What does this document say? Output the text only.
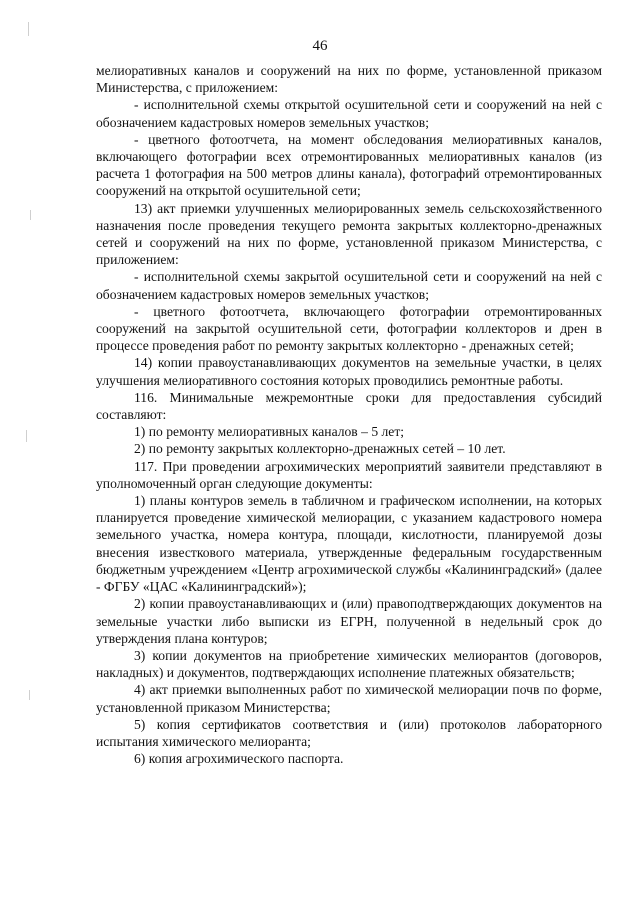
46

мелиоративных каналов и сооружений на них по форме, установленной приказом Министерства, с приложением:

- исполнительной схемы открытой осушительной сети и сооружений на ней с обозначением кадастровых номеров земельных участков;

- цветного фотоотчета, на момент обследования мелиоративных каналов, включающего фотографии всех отремонтированных мелиоративных каналов (из расчета 1 фотография на 500 метров длины канала), фотографий отремонтированных сооружений на открытой осушительной сети;

13) акт приемки улучшенных мелиорированных земель сельскохозяйственного назначения после проведения текущего ремонта закрытых коллекторно-дренажных сетей и сооружений на них по форме, установленной приказом Министерства, с приложением:

- исполнительной схемы закрытой осушительной сети и сооружений на ней с обозначением кадастровых номеров земельных участков;

- цветного фотоотчета, включающего фотографии отремонтированных сооружений на закрытой осушительной сети, фотографии коллекторов и дрен в процессе проведения работ по ремонту закрытых коллекторно - дренажных сетей;

14) копии правоустанавливающих документов на земельные участки, в целях улучшения мелиоративного состояния которых проводились ремонтные работы.

116. Минимальные межремонтные сроки для предоставления субсидий составляют:

1) по ремонту мелиоративных каналов – 5 лет;

2) по ремонту закрытых коллекторно-дренажных сетей – 10 лет.

117. При проведении агрохимических мероприятий заявители представляют в уполномоченный орган следующие документы:

1) планы контуров земель в табличном и графическом исполнении, на которых планируется проведение химической мелиорации, с указанием кадастрового номера земельного участка, номера контура, площади, кислотности, планируемой дозы внесения известкового материала, утвержденные федеральным государственным бюджетным учреждением «Центр агрохимической службы «Калининградский» (далее - ФГБУ «ЦАС «Калининградский»);

2) копии правоустанавливающих и (или) правоподтверждающих документов на земельные участки либо выписки из ЕГРН, полученной в недельный срок до утверждения плана контуров;

3) копии документов на приобретение химических мелиорантов (договоров, накладных) и документов, подтверждающих исполнение платежных обязательств;

4) акт приемки выполненных работ по химической мелиорации почв по форме, установленной приказом Министерства;

5) копия сертификатов соответствия и (или) протоколов лабораторного испытания химического мелиоранта;

6) копия агрохимического паспорта.
